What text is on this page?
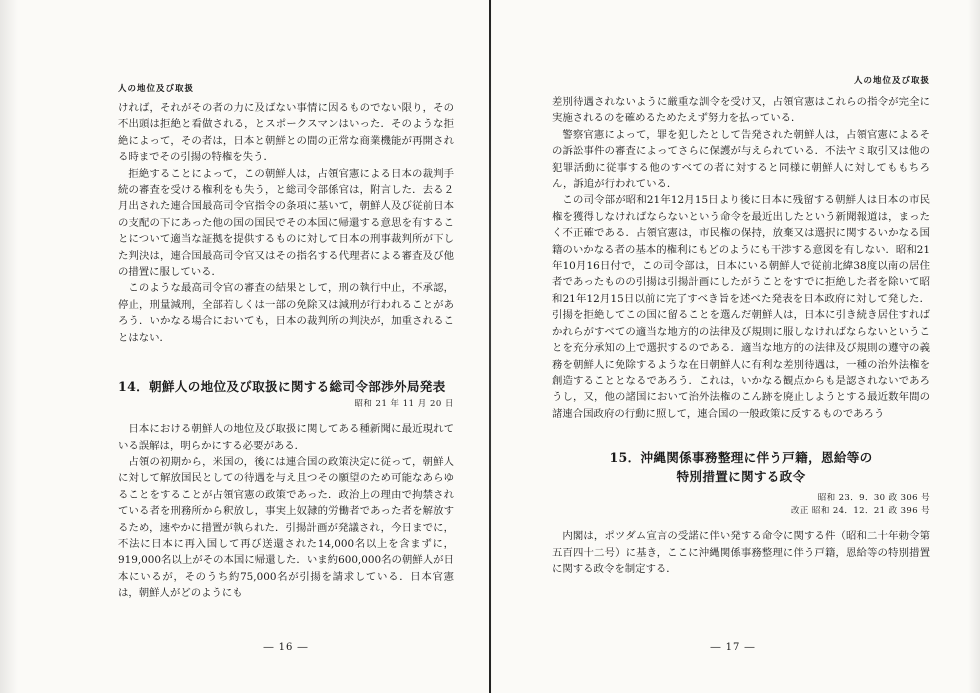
人の地位及び取扱

ければ，それがその者の力に及ばない事情に因るものでない限り，その不出頭は拒絶と看做される，とスポークスマンはいった．そのような拒絶によって，その者は，日本と朝鮮との間の正常な商業機能が再開される時までその引揚の特権を失う．

拒絶することによって，この朝鮮人は，占領官憲による日本の裁判手続の審査を受ける権利をも失う，と総司令部係官は，附言した．去る２月出された連合国最高司令官指令の条項に基いて，朝鮮人及び従前日本の支配の下にあった他の国の国民でその本国に帰還する意思を有することについて適当な証拠を提供するものに対して日本の刑事裁判所が下した判決は，連合国最高司令官又はその指名する代理者による審査及び他の措置に服している．

このような最高司令官の審査の結果として，刑の執行中止，不承認，停止，刑量減刑，全部若しくは一部の免除又は減刑が行われることがあろう．いかなる場合においても，日本の裁判所の判決が，加重されることはない．

14．朝鮮人の地位及び取扱に関する総司令部渉外局発表
昭和 21 年 11 月 20 日

日本における朝鮮人の地位及び取扱に関してある種新聞に最近現れている誤解は，明らかにする必要がある．

占領の初期から，米国の，後には連合国の政策決定に従って，朝鮮人に対して解放国民としての待遇を与え且つその願望のため可能なあらゆることをすることが占領官憲の政策であった．政治上の理由で拘禁されている者を刑務所から釈放し，事実上奴隷的労働者であった者を解放するため，速やかに措置が執られた．引揚計画が発議され，今日までに，不法に日本に再入国して再び送還された14,000名以上を含まずに，919,000名以上がその本国に帰還した．いま約600,000名の朝鮮人が日本にいるが，そのうち約75,000名が引揚を請求している．日本官憲は，朝鮮人がどのようにも

― 16 ―
人の地位及び取扱

差別待遇されないように厳重な訓令を受け又，占領官憲はこれらの指令が完全に実施されるのを確めるためたえず努力を払っている．

警察官憲によって，罪を犯したとして告発された朝鮮人は，占領官憲によるその訴訟事件の審査によってさらに保護が与えられている．不法ヤミ取引又は他の犯罪活動に従事する他のすべての者に対すると同様に朝鮮人に対してももちろん，訴追が行われている．

この司令部が昭和21年12月15日より後に日本に残留する朝鮮人は日本の市民権を獲得しなければならないという命令を最近出したという新聞報道は，まったく不正確である．占領官憲は，市民権の保持，放棄又は選択に関するいかなる国籍のいかなる者の基本的権利にもどのようにも干渉する意図を有しない．昭和21年10月16日付で，この司令部は，日本にいる朝鮮人で従前北緯38度以南の居住者であったものの引揚は引揚計画にしたがうことをすでに拒絶した者を除いて昭和21年12月15日以前に完了すべき旨を述べた発表を日本政府に対して発した．引揚を拒絶してこの国に留ることを選んだ朝鮮人は，日本に引き続き居住すればかれらがすべての適当な地方的の法律及び規則に服しなければならないということを充分承知の上で選択するのである．適当な地方的の法律及び規則の遵守の義務を朝鮮人に免除するような在日朝鮮人に有利な差別待遇は，一種の治外法権を創造することとなるであろう．これは，いかなる観点からも是認されないであろうし，又，他の諸国において治外法権のこん跡を廃止しようとする最近数年間の諸連合国政府の行動に照して，連合国の一般政策に反するものであろう

15．沖縄関係事務整理に伴う戸籍，恩給等の
特別措置に関する政令
昭和 23．9．30 政 306 号
改正 昭和 24．12．21 政 396 号

内閣は，ポツダム宣言の受諾に伴い発する命令に関する件（昭和二十年勅令第五百四十二号）に基き，ここに沖縄関係事務整理に伴う戸籍，恩給等の特別措置に関する政令を制定する．

― 17 ―
